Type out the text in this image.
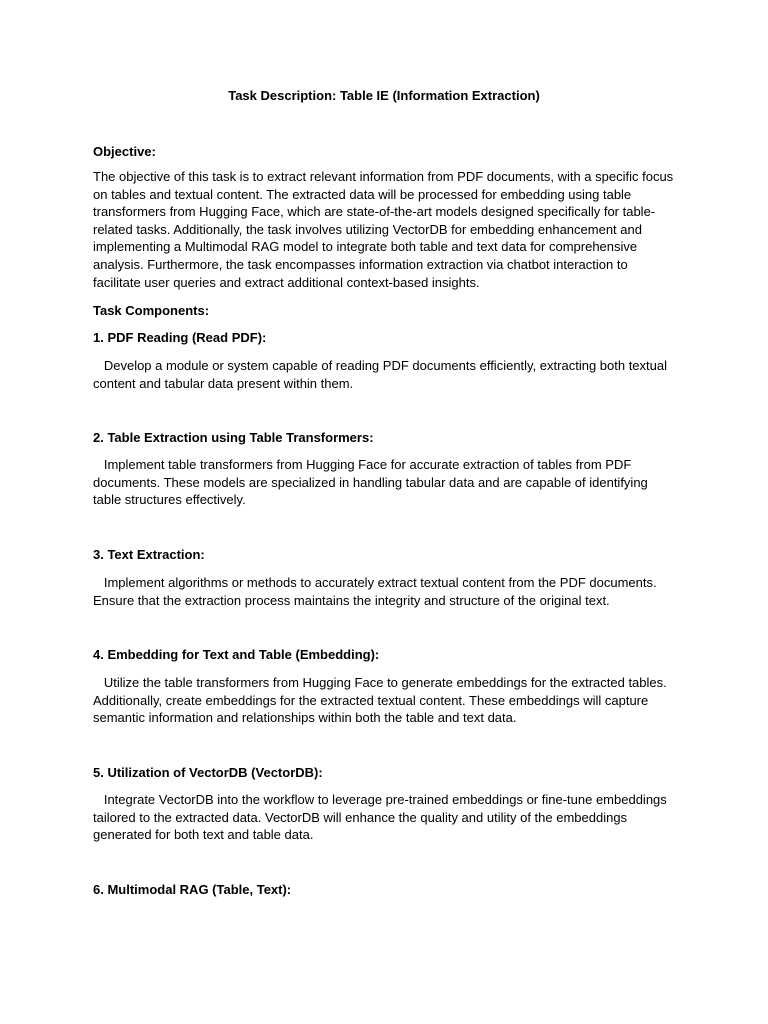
Task Description: Table IE (Information Extraction)
Objective:
The objective of this task is to extract relevant information from PDF documents, with a specific focus
on tables and textual content. The extracted data will be processed for embedding using table
transformers from Hugging Face, which are state-of-the-art models designed specifically for table-
related tasks. Additionally, the task involves utilizing VectorDB for embedding enhancement and
implementing a Multimodal RAG model to integrate both table and text data for comprehensive
analysis. Furthermore, the task encompasses information extraction via chatbot interaction to
facilitate user queries and extract additional context-based insights.
Task Components:
1. PDF Reading (Read PDF):
Develop a module or system capable of reading PDF documents efficiently, extracting both textual
content and tabular data present within them.
2. Table Extraction using Table Transformers:
Implement table transformers from Hugging Face for accurate extraction of tables from PDF
documents. These models are specialized in handling tabular data and are capable of identifying
table structures effectively.
3. Text Extraction:
Implement algorithms or methods to accurately extract textual content from the PDF documents.
Ensure that the extraction process maintains the integrity and structure of the original text.
4. Embedding for Text and Table (Embedding):
Utilize the table transformers from Hugging Face to generate embeddings for the extracted tables.
Additionally, create embeddings for the extracted textual content. These embeddings will capture
semantic information and relationships within both the table and text data.
5. Utilization of VectorDB (VectorDB):
Integrate VectorDB into the workflow to leverage pre-trained embeddings or fine-tune embeddings
tailored to the extracted data. VectorDB will enhance the quality and utility of the embeddings
generated for both text and table data.
6. Multimodal RAG (Table, Text):
